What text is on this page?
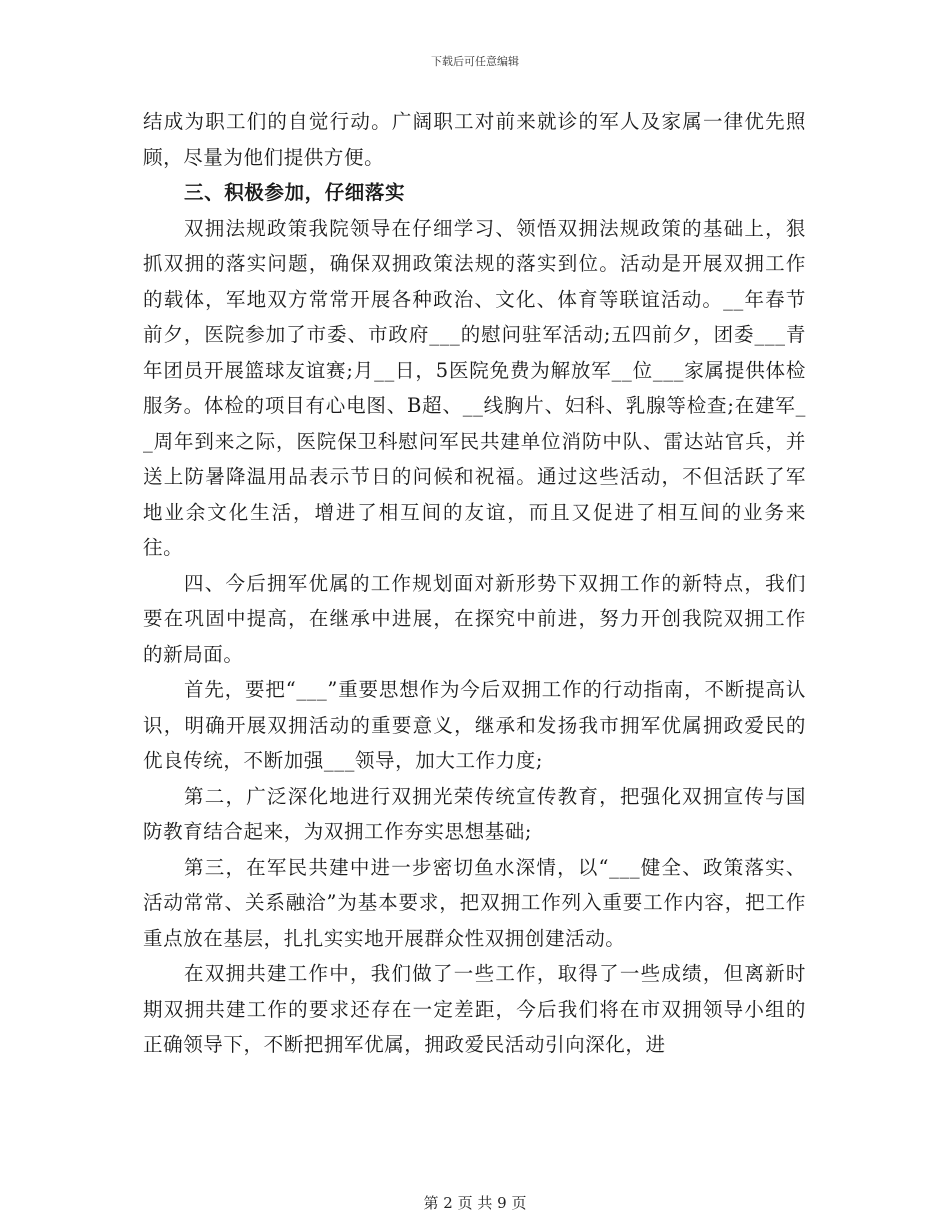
下载后可任意编辑

结成为职工们的自觉行动。广阔职工对前来就诊的军人及家属一律优先照顾，尽量为他们提供方便。

三、积极参加，仔细落实

双拥法规政策我院领导在仔细学习、领悟双拥法规政策的基础上，狠抓双拥的落实问题，确保双拥政策法规的落实到位。活动是开展双拥工作的载体，军地双方常常开展各种政治、文化、体育等联谊活动。__年春节前夕，医院参加了市委、市政府___的慰问驻军活动;五四前夕，团委___青年团员开展篮球友谊赛;月__日，5医院免费为解放军__位___家属提供体检服务。体检的项目有心电图、B超、__线胸片、妇科、乳腺等检查;在建军__周年到来之际，医院保卫科慰问军民共建单位消防中队、雷达站官兵，并送上防暑降温用品表示节日的问候和祝福。通过这些活动，不但活跃了军地业余文化生活，增进了相互间的友谊，而且又促进了相互间的业务来往。

四、今后拥军优属的工作规划面对新形势下双拥工作的新特点，我们要在巩固中提高，在继承中进展，在探究中前进，努力开创我院双拥工作的新局面。

首先，要把“___”重要思想作为今后双拥工作的行动指南，不断提高认识，明确开展双拥活动的重要意义，继承和发扬我市拥军优属拥政爱民的优良传统，不断加强___领导，加大工作力度;

第二，广泛深化地进行双拥光荣传统宣传教育，把强化双拥宣传与国防教育结合起来，为双拥工作夯实思想基础;

第三，在军民共建中进一步密切鱼水深情，以“___健全、政策落实、活动常常、关系融洽”为基本要求，把双拥工作列入重要工作内容，把工作重点放在基层，扎扎实实地开展群众性双拥创建活动。

在双拥共建工作中，我们做了一些工作，取得了一些成绩，但离新时期双拥共建工作的要求还存在一定差距，今后我们将在市双拥领导小组的正确领导下，不断把拥军优属，拥政爱民活动引向深化，进

第 2 页 共 9 页
